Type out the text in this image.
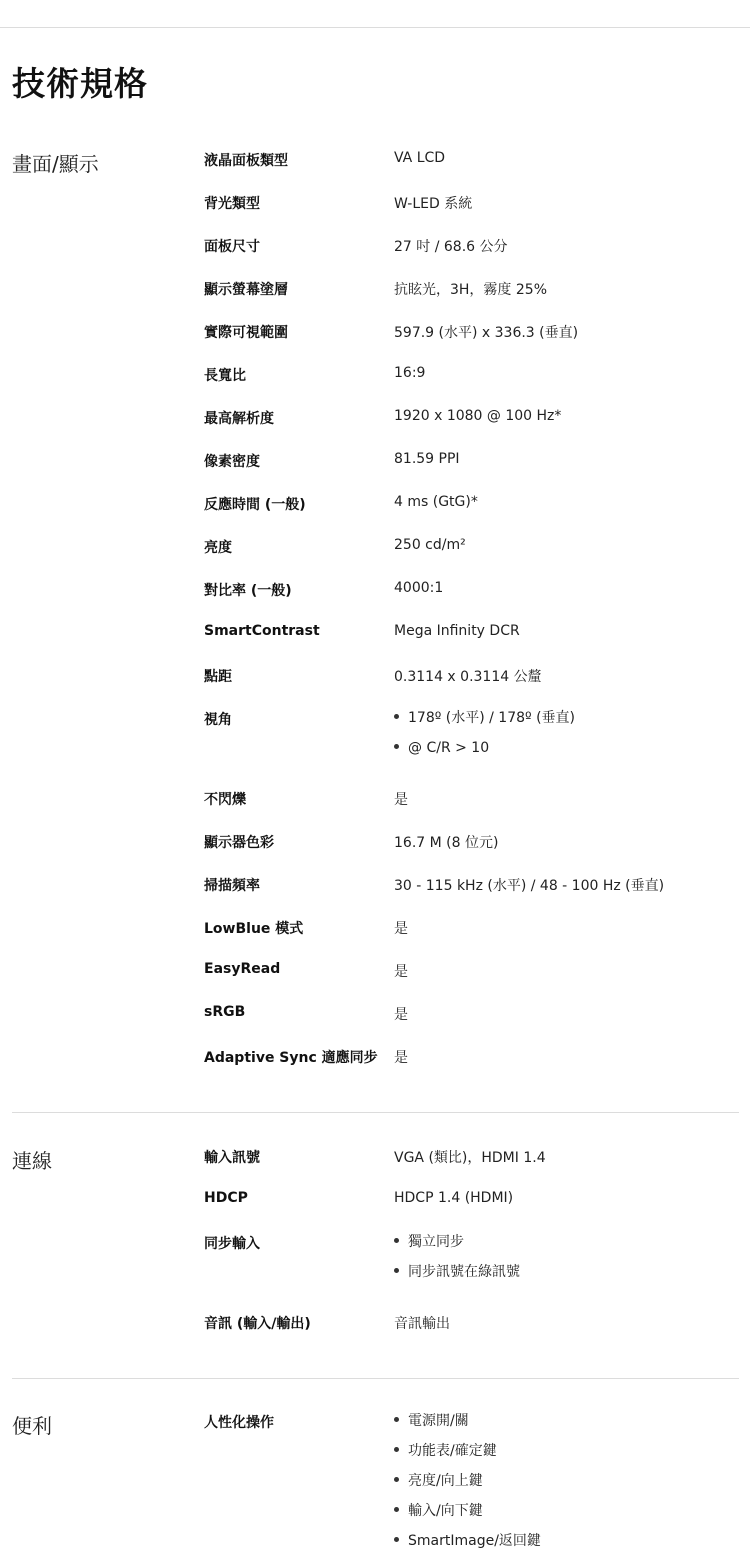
技術規格
畫面/顯示	液晶面板類型	VA LCD
背光類型	W-LED 系統
面板尺寸	27 吋 / 68.6 公分
顯示螢幕塗層	抗眩光，3H，霧度 25%
實際可視範圍	597.9 (水平) x 336.3 (垂直)
長寬比	16:9
最高解析度	1920 x 1080 @ 100 Hz*
像素密度	81.59 PPI
反應時間 (一般)	4 ms (GtG)*
亮度	250 cd/m²
對比率 (一般)	4000:1
SmartContrast	Mega Infinity DCR
點距	0.3114 x 0.3114 公釐
視角	178º (水平) / 178º (垂直)
@ C/R > 10
不閃爍	是
顯示器色彩	16.7 M (8 位元)
掃描頻率	30 - 115 kHz (水平) / 48 - 100 Hz (垂直)
LowBlue 模式	是
EasyRead	是
sRGB	是
Adaptive Sync 適應同步 是
連線	輸入訊號	VGA (類比)，HDMI 1.4
HDCP	HDCP 1.4 (HDMI)
同步輸入	獨立同步
同步訊號在綠訊號
音訊 (輸入/輸出)	音訊輸出
便利	人性化操作	電源開/關
功能表/確定鍵
亮度/向上鍵
輸入/向下鍵
SmartImage/返回鍵
